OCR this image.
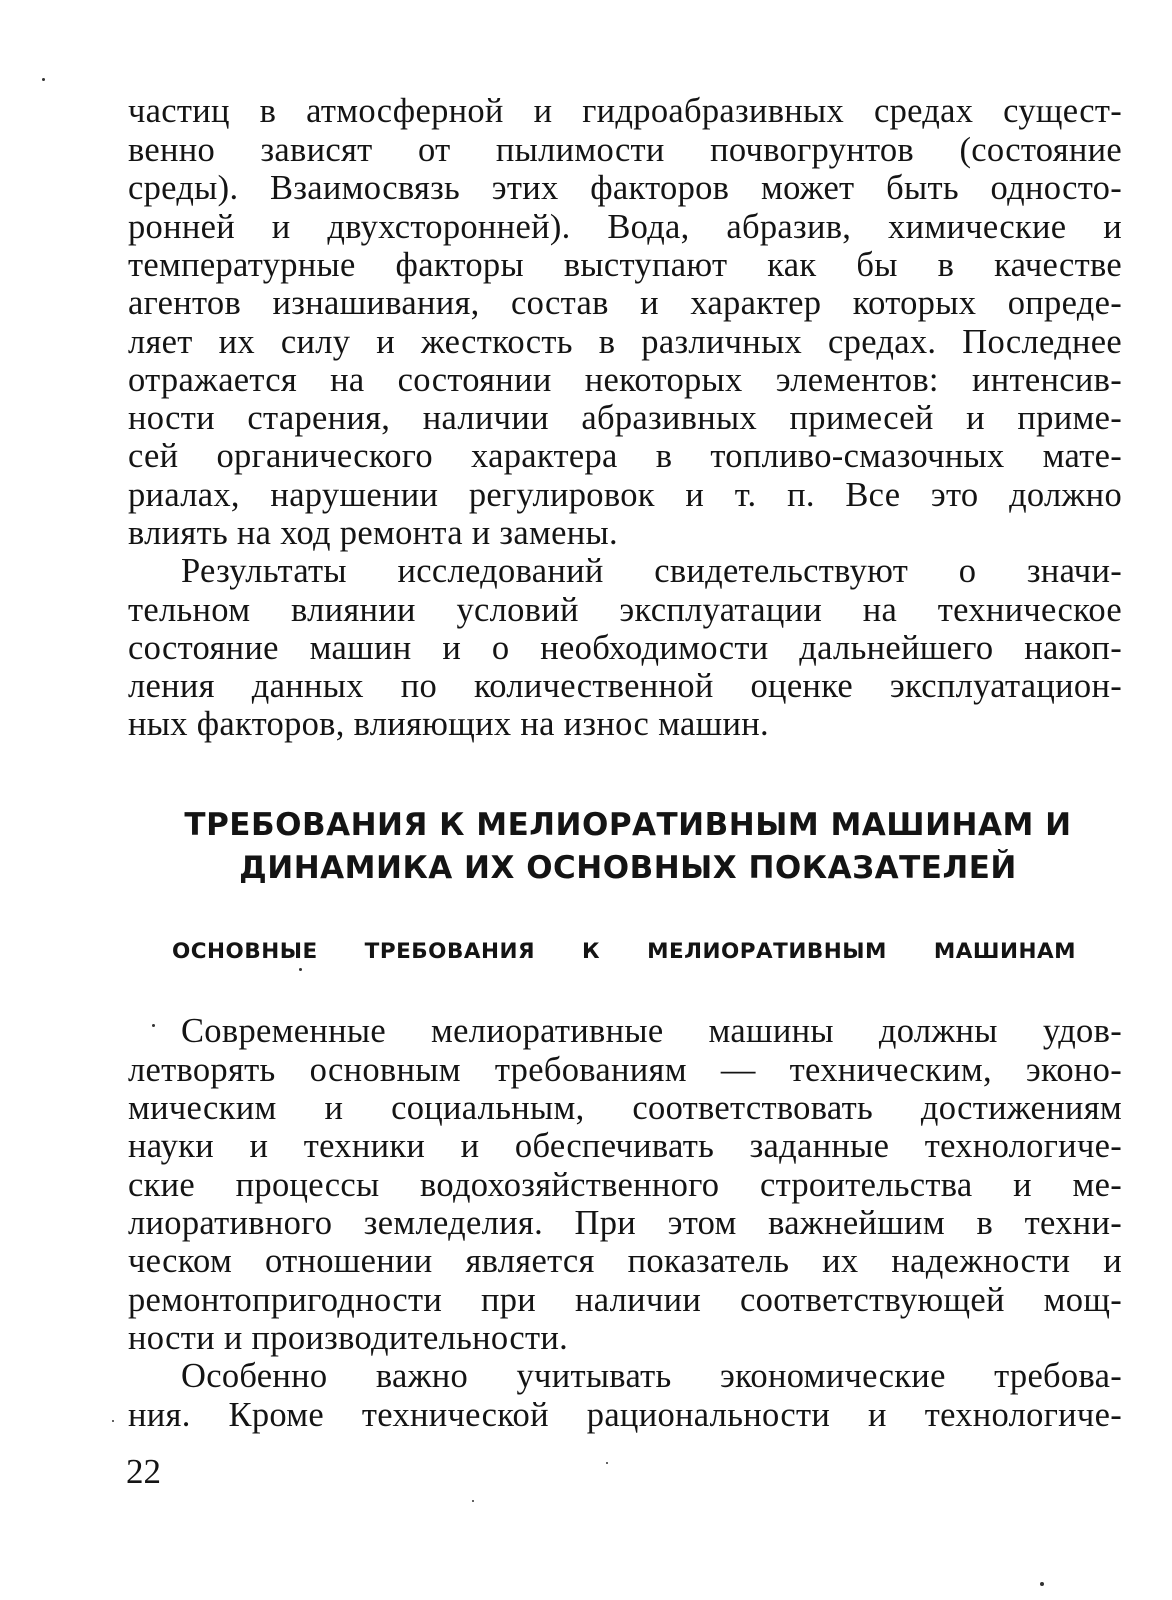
частиц в атмосферной и гидроабразивных средах сущест-
венно зависят от пылимости почвогрунтов (состояние
среды). Взаимосвязь этих факторов может быть односто-
ронней и двухсторонней). Вода, абразив, химические и
температурные факторы выступают как бы в качестве
агентов изнашивания, состав и характер которых опреде-
ляет их силу и жесткость в различных средах. Последнее
отражается на состоянии некоторых элементов: интенсив-
ности старения, наличии абразивных примесей и приме-
сей органического характера в топливо-смазочных мате-
риалах, нарушении регулировок и т. п. Все это должно
влиять на ход ремонта и замены.
Результаты исследований свидетельствуют о значи-
тельном влиянии условий эксплуатации на техническое
состояние машин и о необходимости дальнейшего накоп-
ления данных по количественной оценке эксплуатацион-
ных факторов, влияющих на износ машин.
ТРЕБОВАНИЯ К МЕЛИОРАТИВНЫМ МАШИНАМ И
ДИНАМИКА ИХ ОСНОВНЫХ ПОКАЗАТЕЛЕЙ
ОСНОВНЫЕ ТРЕБОВАНИЯ К МЕЛИОРАТИВНЫМ МАШИНАМ
Современные мелиоративные машины должны удов-
летворять основным требованиям — техническим, эконо-
мическим и социальным, соответствовать достижениям
науки и техники и обеспечивать заданные технологиче-
ские процессы водохозяйственного строительства и ме-
лиоративного земледелия. При этом важнейшим в техни-
ческом отношении является показатель их надежности и
ремонтопригодности при наличии соответствующей мощ-
ности и производительности.
Особенно важно учитывать экономические требова-
ния. Кроме технической рациональности и технологиче-
22
